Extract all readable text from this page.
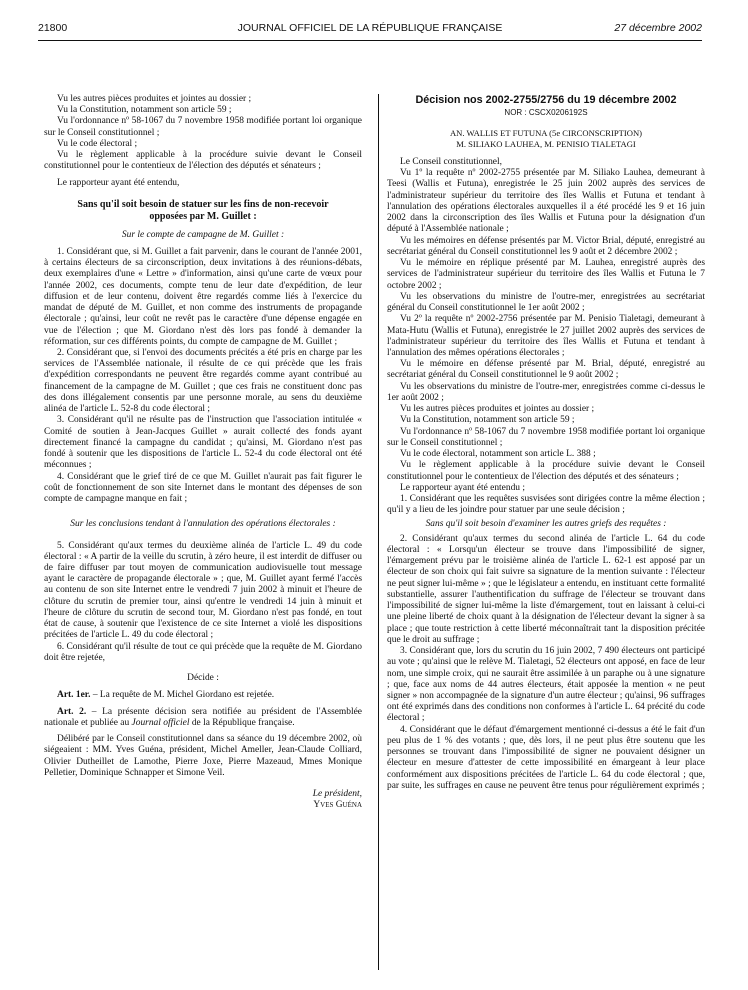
21800	JOURNAL OFFICIEL DE LA RÉPUBLIQUE FRANÇAISE	27 décembre 2002

Vu les autres pièces produites et jointes au dossier ;

Vu la Constitution, notamment son article 59 ;

Vu l'ordonnance nº 58-1067 du 7 novembre 1958 modifiée portant loi organique sur le Conseil constitutionnel ;

Vu le code électoral ;

Vu le règlement applicable à la procédure suivie devant le Conseil constitutionnel pour le contentieux de l'élection des députés et sénateurs ;

Le rapporteur ayant été entendu,

Sans qu'il soit besoin de statuer sur les fins de non-recevoir opposées par M. Guillet :

Sur le compte de campagne de M. Guillet :

1. Considérant que, si M. Guillet a fait parvenir, dans le courant de l'année 2001, à certains électeurs de sa circonscription, deux invitations à des réunions-débats, deux exemplaires d'une « Lettre » d'information, ainsi qu'une carte de vœux pour l'année 2002, ces documents, compte tenu de leur date d'expédition, de leur diffusion et de leur contenu, doivent être regardés comme liés à l'exercice du mandat de député de M. Guillet, et non comme des instruments de propagande électorale ; qu'ainsi, leur coût ne revêt pas le caractère d'une dépense engagée en vue de l'élection ; que M. Giordano n'est dès lors pas fondé à demander la réformation, sur ces différents points, du compte de campagne de M. Guillet ;

2. Considérant que, si l'envoi des documents précités a été pris en charge par les services de l'Assemblée nationale, il résulte de ce qui précède que les frais d'expédition correspondants ne peuvent être regardés comme ayant contribué au financement de la campagne de M. Guillet ; que ces frais ne constituent donc pas des dons illégalement consentis par une personne morale, au sens du deuxième alinéa de l'article L. 52-8 du code électoral ;

3. Considérant qu'il ne résulte pas de l'instruction que l'association intitulée « Comité de soutien à Jean-Jacques Guillet » aurait collecté des fonds ayant directement financé la campagne du candidat ; qu'ainsi, M. Giordano n'est pas fondé à soutenir que les dispositions de l'article L. 52-4 du code électoral ont été méconnues ;

4. Considérant que le grief tiré de ce que M. Guillet n'aurait pas fait figurer le coût de fonctionnement de son site Internet dans le montant des dépenses de son compte de campagne manque en fait ;

Sur les conclusions tendant à l'annulation des opérations électorales :

5. Considérant qu'aux termes du deuxième alinéa de l'article L. 49 du code électoral : « A partir de la veille du scrutin, à zéro heure, il est interdit de diffuser ou de faire diffuser par tout moyen de communication audiovisuelle tout message ayant le caractère de propagande électorale » ; que, M. Guillet ayant fermé l'accès au contenu de son site Internet entre le vendredi 7 juin 2002 à minuit et l'heure de clôture du scrutin de premier tour, ainsi qu'entre le vendredi 14 juin à minuit et l'heure de clôture du scrutin de second tour, M. Giordano n'est pas fondé, en tout état de cause, à soutenir que l'existence de ce site Internet a violé les dispositions précitées de l'article L. 49 du code électoral ;

6. Considérant qu'il résulte de tout ce qui précède que la requête de M. Giordano doit être rejetée,

Décide :

Art. 1er. – La requête de M. Michel Giordano est rejetée.

Art. 2. – La présente décision sera notifiée au président de l'Assemblée nationale et publiée au Journal officiel de la République française.

Délibéré par le Conseil constitutionnel dans sa séance du 19 décembre 2002, où siégeaient : MM. Yves Guéna, président, Michel Ameller, Jean-Claude Colliard, Olivier Dutheillet de Lamothe, Pierre Joxe, Pierre Mazeaud, Mmes Monique Pelletier, Dominique Schnapper et Simone Veil.

Le président,

Yves Guéna

Décision nos 2002-2755/2756 du 19 décembre 2002

NOR : CSCX0206192S

AN. WALLIS ET FUTUNA (5e CIRCONSCRIPTION)

M. SILIAKO LAUHEA, M. PENISIO TIALETAGI

Le Conseil constitutionnel,

Vu 1º la requête nº 2002-2755 présentée par M. Siliako Lauhea, demeurant à Teesi (Wallis et Futuna), enregistrée le 25 juin 2002 auprès des services de l'administrateur supérieur du territoire des îles Wallis et Futuna et tendant à l'annulation des opérations électorales auxquelles il a été procédé les 9 et 16 juin 2002 dans la circonscription des îles Wallis et Futuna pour la désignation d'un député à l'Assemblée nationale ;

Vu les mémoires en défense présentés par M. Victor Brial, député, enregistré au secrétariat général du Conseil constitutionnel les 9 août et 2 décembre 2002 ;

Vu le mémoire en réplique présenté par M. Lauhea, enregistré auprès des services de l'administrateur supérieur du territoire des îles Wallis et Futuna le 7 octobre 2002 ;

Vu les observations du ministre de l'outre-mer, enregistrées au secrétariat général du Conseil constitutionnel le 1er août 2002 ;

Vu 2º la requête nº 2002-2756 présentée par M. Penisio Tialetagi, demeurant à Mata-Hutu (Wallis et Futuna), enregistrée le 27 juillet 2002 auprès des services de l'administrateur supérieur du territoire des îles Wallis et Futuna et tendant à l'annulation des mêmes opérations électorales ;

Vu le mémoire en défense présenté par M. Brial, député, enregistré au secrétariat général du Conseil constitutionnel le 9 août 2002 ;

Vu les observations du ministre de l'outre-mer, enregistrées comme ci-dessus le 1er août 2002 ;

Vu les autres pièces produites et jointes au dossier ;

Vu la Constitution, notamment son article 59 ;

Vu l'ordonnance nº 58-1067 du 7 novembre 1958 modifiée portant loi organique sur le Conseil constitutionnel ;

Vu le code électoral, notamment son article L. 388 ;

Vu le règlement applicable à la procédure suivie devant le Conseil constitutionnel pour le contentieux de l'élection des députés et des sénateurs ;

Le rapporteur ayant été entendu ;

1. Considérant que les requêtes susvisées sont dirigées contre la même élection ; qu'il y a lieu de les joindre pour statuer par une seule décision ;

Sans qu'il soit besoin d'examiner les autres griefs des requêtes :

2. Considérant qu'aux termes du second alinéa de l'article L. 64 du code électoral : « Lorsqu'un électeur se trouve dans l'impossibilité de signer, l'émargement prévu par le troisième alinéa de l'article L. 62-1 est apposé par un électeur de son choix qui fait suivre sa signature de la mention suivante : l'électeur ne peut signer lui-même » ; que le législateur a entendu, en instituant cette formalité substantielle, assurer l'authentification du suffrage de l'électeur se trouvant dans l'impossibilité de signer lui-même la liste d'émargement, tout en laissant à celui-ci une pleine liberté de choix quant à la désignation de l'électeur devant la signer à sa place ; que toute restriction à cette liberté méconnaîtrait tant la disposition précitée que le droit au suffrage ;

3. Considérant que, lors du scrutin du 16 juin 2002, 7 490 électeurs ont participé au vote ; qu'ainsi que le relève M. Tialetagi, 52 électeurs ont apposé, en face de leur nom, une simple croix, qui ne saurait être assimilée à un paraphe ou à une signature ; que, face aux noms de 44 autres électeurs, était apposée la mention « ne peut signer » non accompagnée de la signature d'un autre électeur ; qu'ainsi, 96 suffrages ont été exprimés dans des conditions non conformes à l'article L. 64 précité du code électoral ;

4. Considérant que le défaut d'émargement mentionné ci-dessus a été le fait d'un peu plus de 1 % des votants ; que, dès lors, il ne peut plus être soutenu que les personnes se trouvant dans l'impossibilité de signer ne pouvaient désigner un électeur en mesure d'attester de cette impossibilité en émargeant à leur place conformément aux dispositions précitées de l'article L. 64 du code électoral ; que, par suite, les suffrages en cause ne peuvent être tenus pour régulièrement exprimés ;
